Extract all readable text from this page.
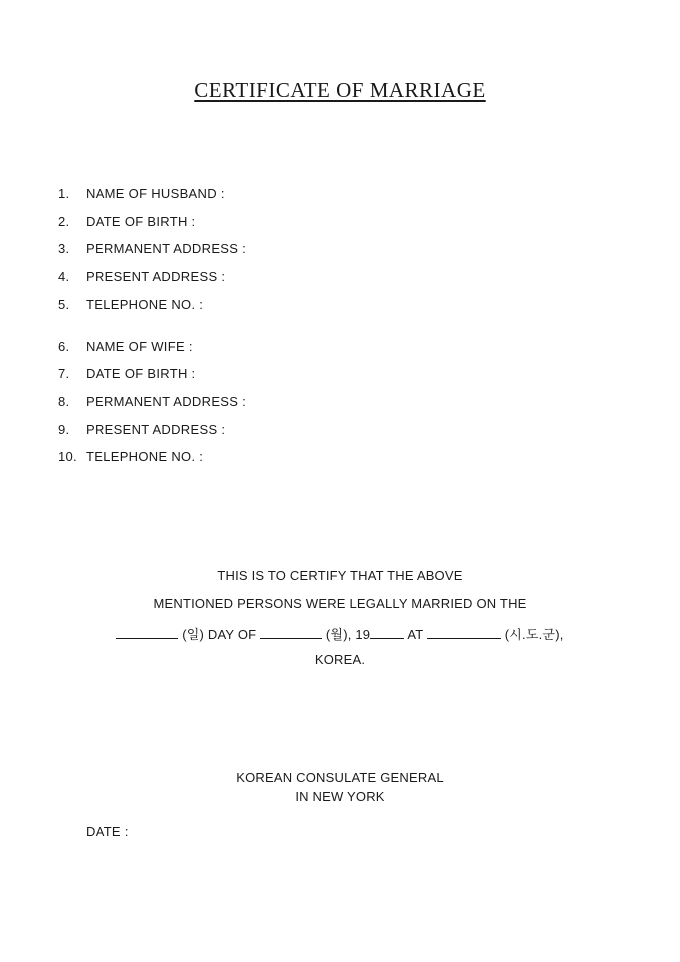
CERTIFICATE OF MARRIAGE
1. NAME OF HUSBAND :
2. DATE OF BIRTH :
3. PERMANENT ADDRESS :
4. PRESENT ADDRESS :
5. TELEPHONE NO. :
6. NAME OF WIFE :
7. DATE OF BIRTH :
8. PERMANENT ADDRESS :
9. PRESENT ADDRESS :
10. TELEPHONE NO. :
THIS IS TO CERTIFY THAT THE ABOVE
MENTIONED PERSONS WERE LEGALLY MARRIED ON THE
(일) DAY OF	(월), 19	AT	(시.도.군),
KOREA.
KOREAN CONSULATE GENERAL
IN NEW YORK
DATE :
